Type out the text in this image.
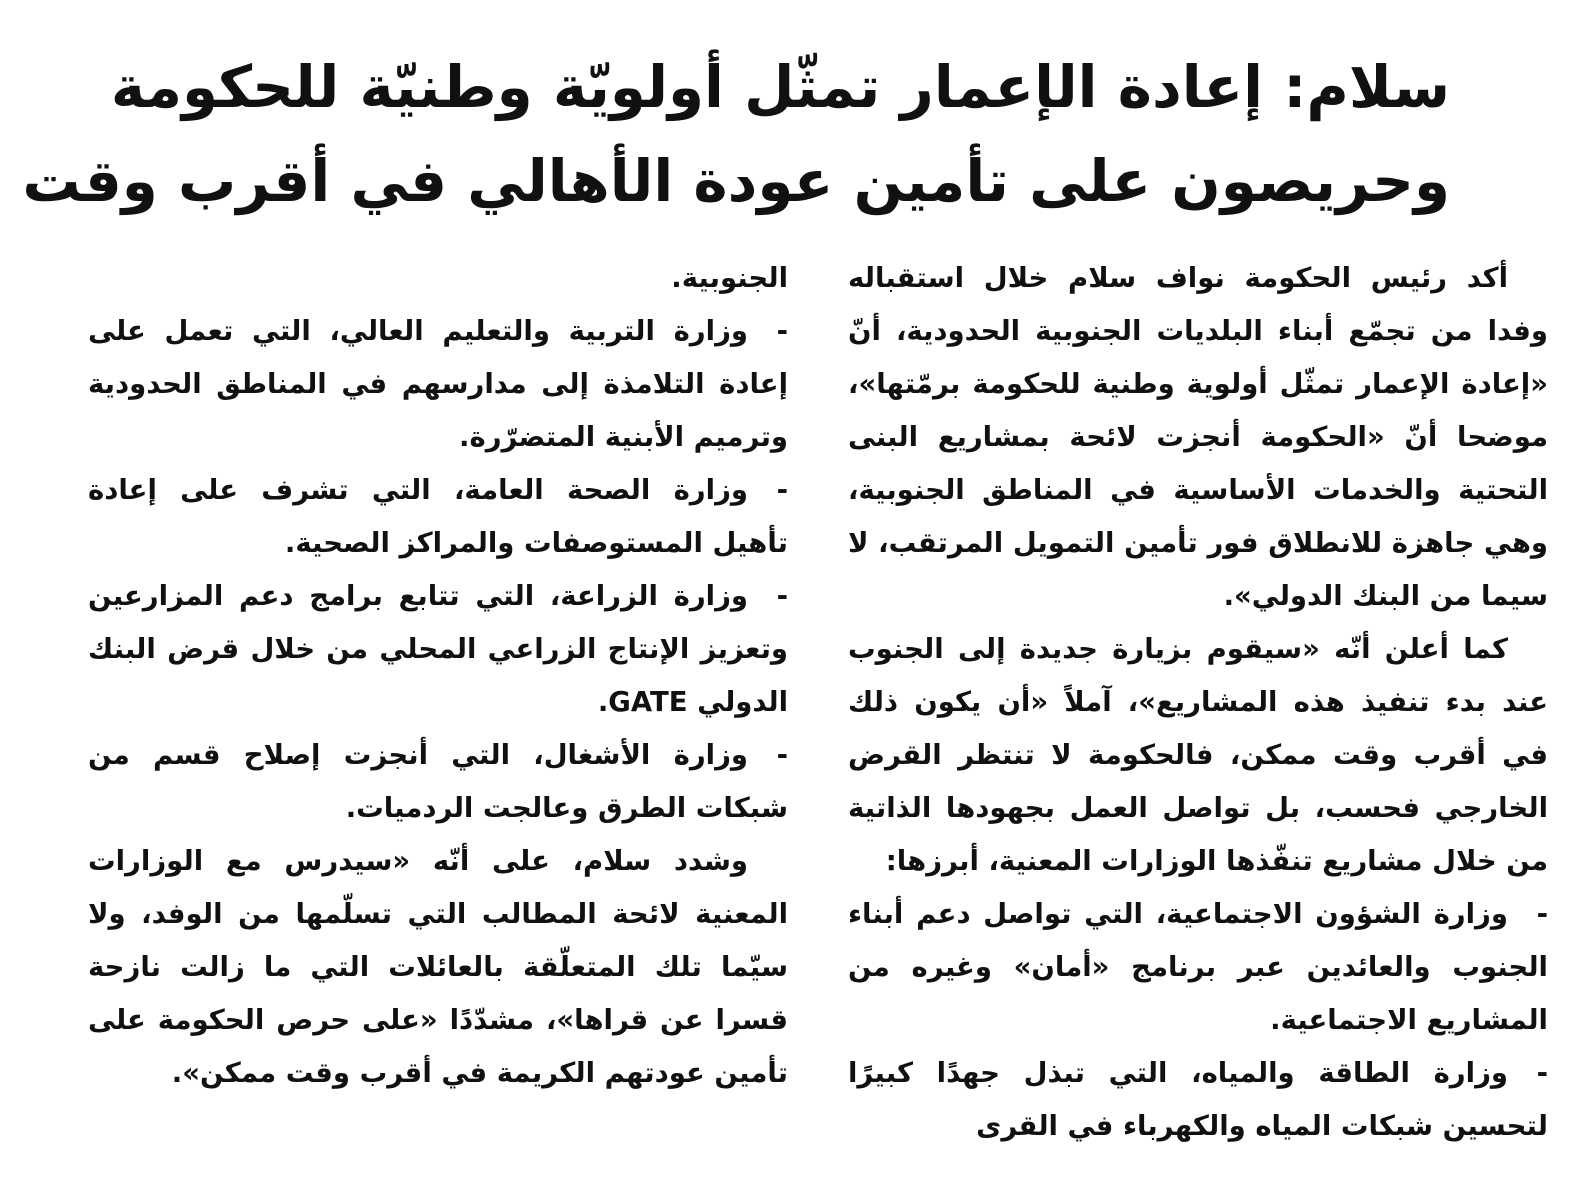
سلام: إعادة الإعمار تمثّل أولويّة وطنيّة للحكومة
وحريصون على تأمين عودة الأهالي في أقرب وقت

أكد رئيس الحكومة نواف سلام خلال استقباله وفدا من تجمّع أبناء البلديات الجنوبية الحدودية، أنّ «إعادة الإعمار تمثّل أولوية وطنية للحكومة برمّتها»، موضحا أنّ «الحكومة أنجزت لائحة بمشاريع البنى التحتية والخدمات الأساسية في المناطق الجنوبية، وهي جاهزة للانطلاق فور تأمين التمويل المرتقب، لا سيما من البنك الدولي».

كما أعلن أنّه «سيقوم بزيارة جديدة إلى الجنوب عند بدء تنفيذ هذه المشاريع»، آملاً «أن يكون ذلك في أقرب وقت ممكن، فالحكومة لا تنتظر القرض الخارجي فحسب، بل تواصل العمل بجهودها الذاتية من خلال مشاريع تنفّذها الوزارات المعنية، أبرزها:

-وزارة الشؤون الاجتماعية، التي تواصل دعم أبناء الجنوب والعائدين عبر برنامج «أمان» وغيره من المشاريع الاجتماعية.

-وزارة الطاقة والمياه، التي تبذل جهدًا كبيرًا لتحسين شبكات المياه والكهرباء في القرى

الجنوبية.

-وزارة التربية والتعليم العالي، التي تعمل على إعادة التلامذة إلى مدارسهم في المناطق الحدودية وترميم الأبنية المتضرّرة.

-وزارة الصحة العامة، التي تشرف على إعادة تأهيل المستوصفات والمراكز الصحية.

-وزارة الزراعة، التي تتابع برامج دعم المزارعين وتعزيز الإنتاج الزراعي المحلي من خلال قرض البنك الدولي GATE.

-وزارة الأشغال، التي أنجزت إصلاح قسم من شبكات الطرق وعالجت الردميات.

وشدد سلام، على أنّه «سيدرس مع الوزارات المعنية لائحة المطالب التي تسلّمها من الوفد، ولا سيّما تلك المتعلّقة بالعائلات التي ما زالت نازحة قسرا عن قراها»، مشدّدًا «على حرص الحكومة على تأمين عودتهم الكريمة في أقرب وقت ممكن».
